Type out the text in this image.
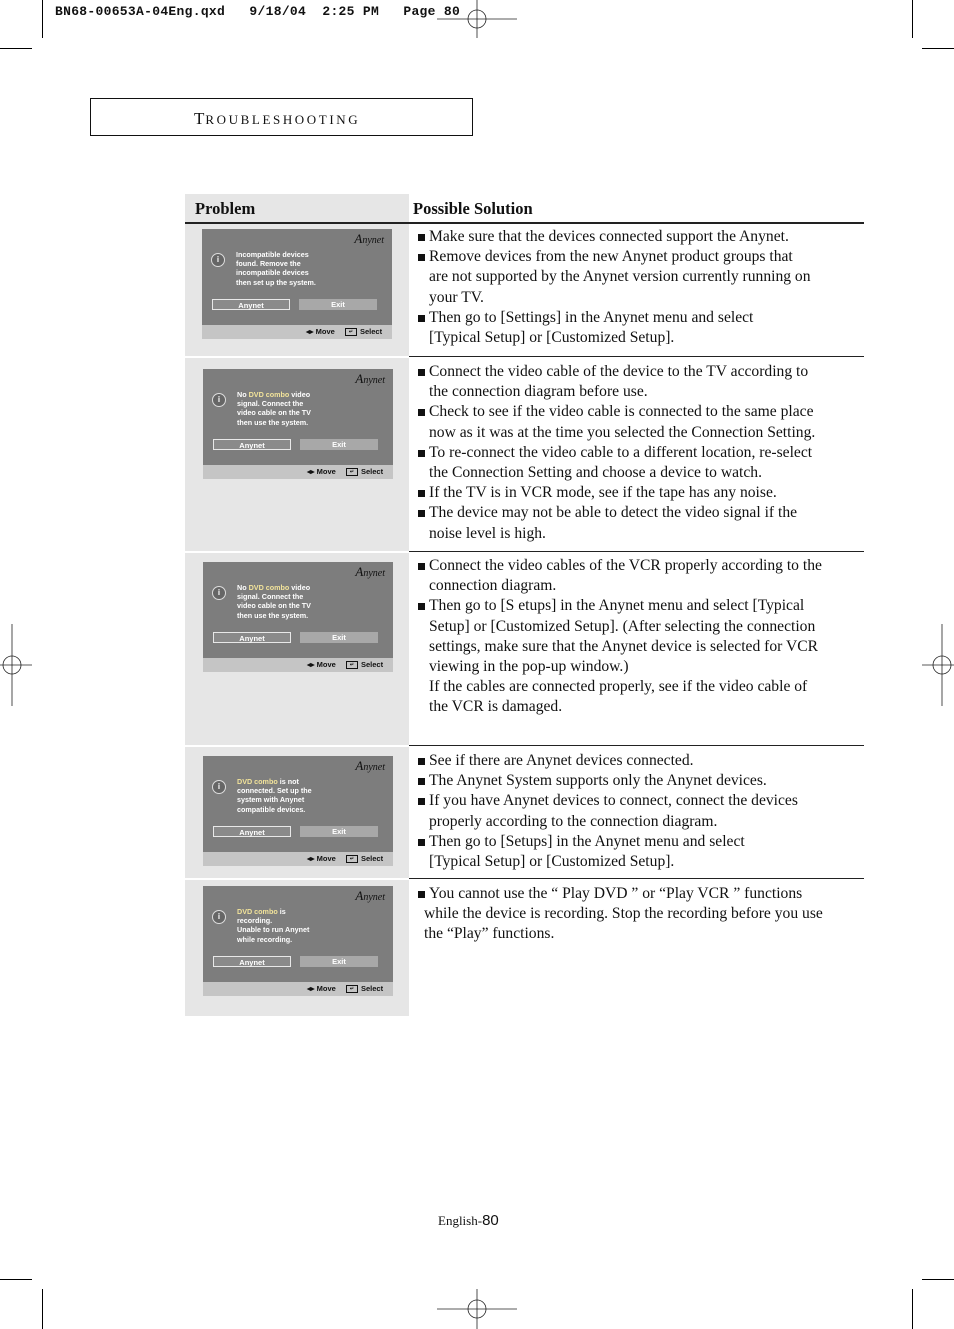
BN68-00653A-04Eng.qxd   9/18/04  2:25 PM   Page 80
TROUBLESHOOTING
Problem	Possible Solution
Anynet
i
Incompatible devices
found. Remove the
incompatible devices
then set up the system.
Anynet	Exit
◂▸ Move	↵ Select
Make sure that the devices connected support the Anynet.
Remove devices from the new Anynet product groups that
are not supported by the Anynet version currently running on
your TV.
Then go to [Settings] in the Anynet menu and select
[Typical Setup] or [Customized Setup].
Anynet
i
No DVD combo video
signal. Connect the
video cable on the TV
then use the system.
Anynet	Exit
◂▸ Move	↵ Select
Connect the video cable of the device to the TV according to
the connection diagram before use.
Check to see if the video cable is connected to the same place
now as it was at the time you selected the Connection Setting.
To re-connect the video cable to a different location, re-select
the Connection Setting and choose a device to watch.
If the TV is in VCR mode, see if the tape has any noise.
The device may not be able to detect the video signal if the
noise level is high.
Anynet
i
No DVD combo video
signal. Connect the
video cable on the TV
then use the system.
Anynet	Exit
◂▸ Move	↵ Select
Connect the video cables of the VCR properly according to the
connection diagram.
Then go to [S etups] in the Anynet menu and select [Typical
Setup] or [Customized Setup]. (After selecting the connection
settings, make sure that the Anynet device is selected for VCR
viewing in the pop-up window.)
If the cables are connected properly, see if the video cable of
the VCR is damaged.
Anynet
i
DVD combo is not
connected. Set up the
system with Anynet
compatible devices.
Anynet	Exit
◂▸ Move	↵ Select
See if there are Anynet devices connected.
The Anynet System supports only the Anynet devices.
If you have Anynet devices to connect, connect the devices
properly according to the connection diagram.
Then go to [Setups] in the Anynet menu and select
[Typical Setup] or [Customized Setup].
Anynet
i
DVD combo is
recording.
Unable to run Anynet
while recording.
Anynet	Exit
◂▸ Move	↵ Select
You cannot use the “ Play DVD ” or “Play VCR ” functions
while the device is recording. Stop the recording before you use
the “Play” functions.
English-80
